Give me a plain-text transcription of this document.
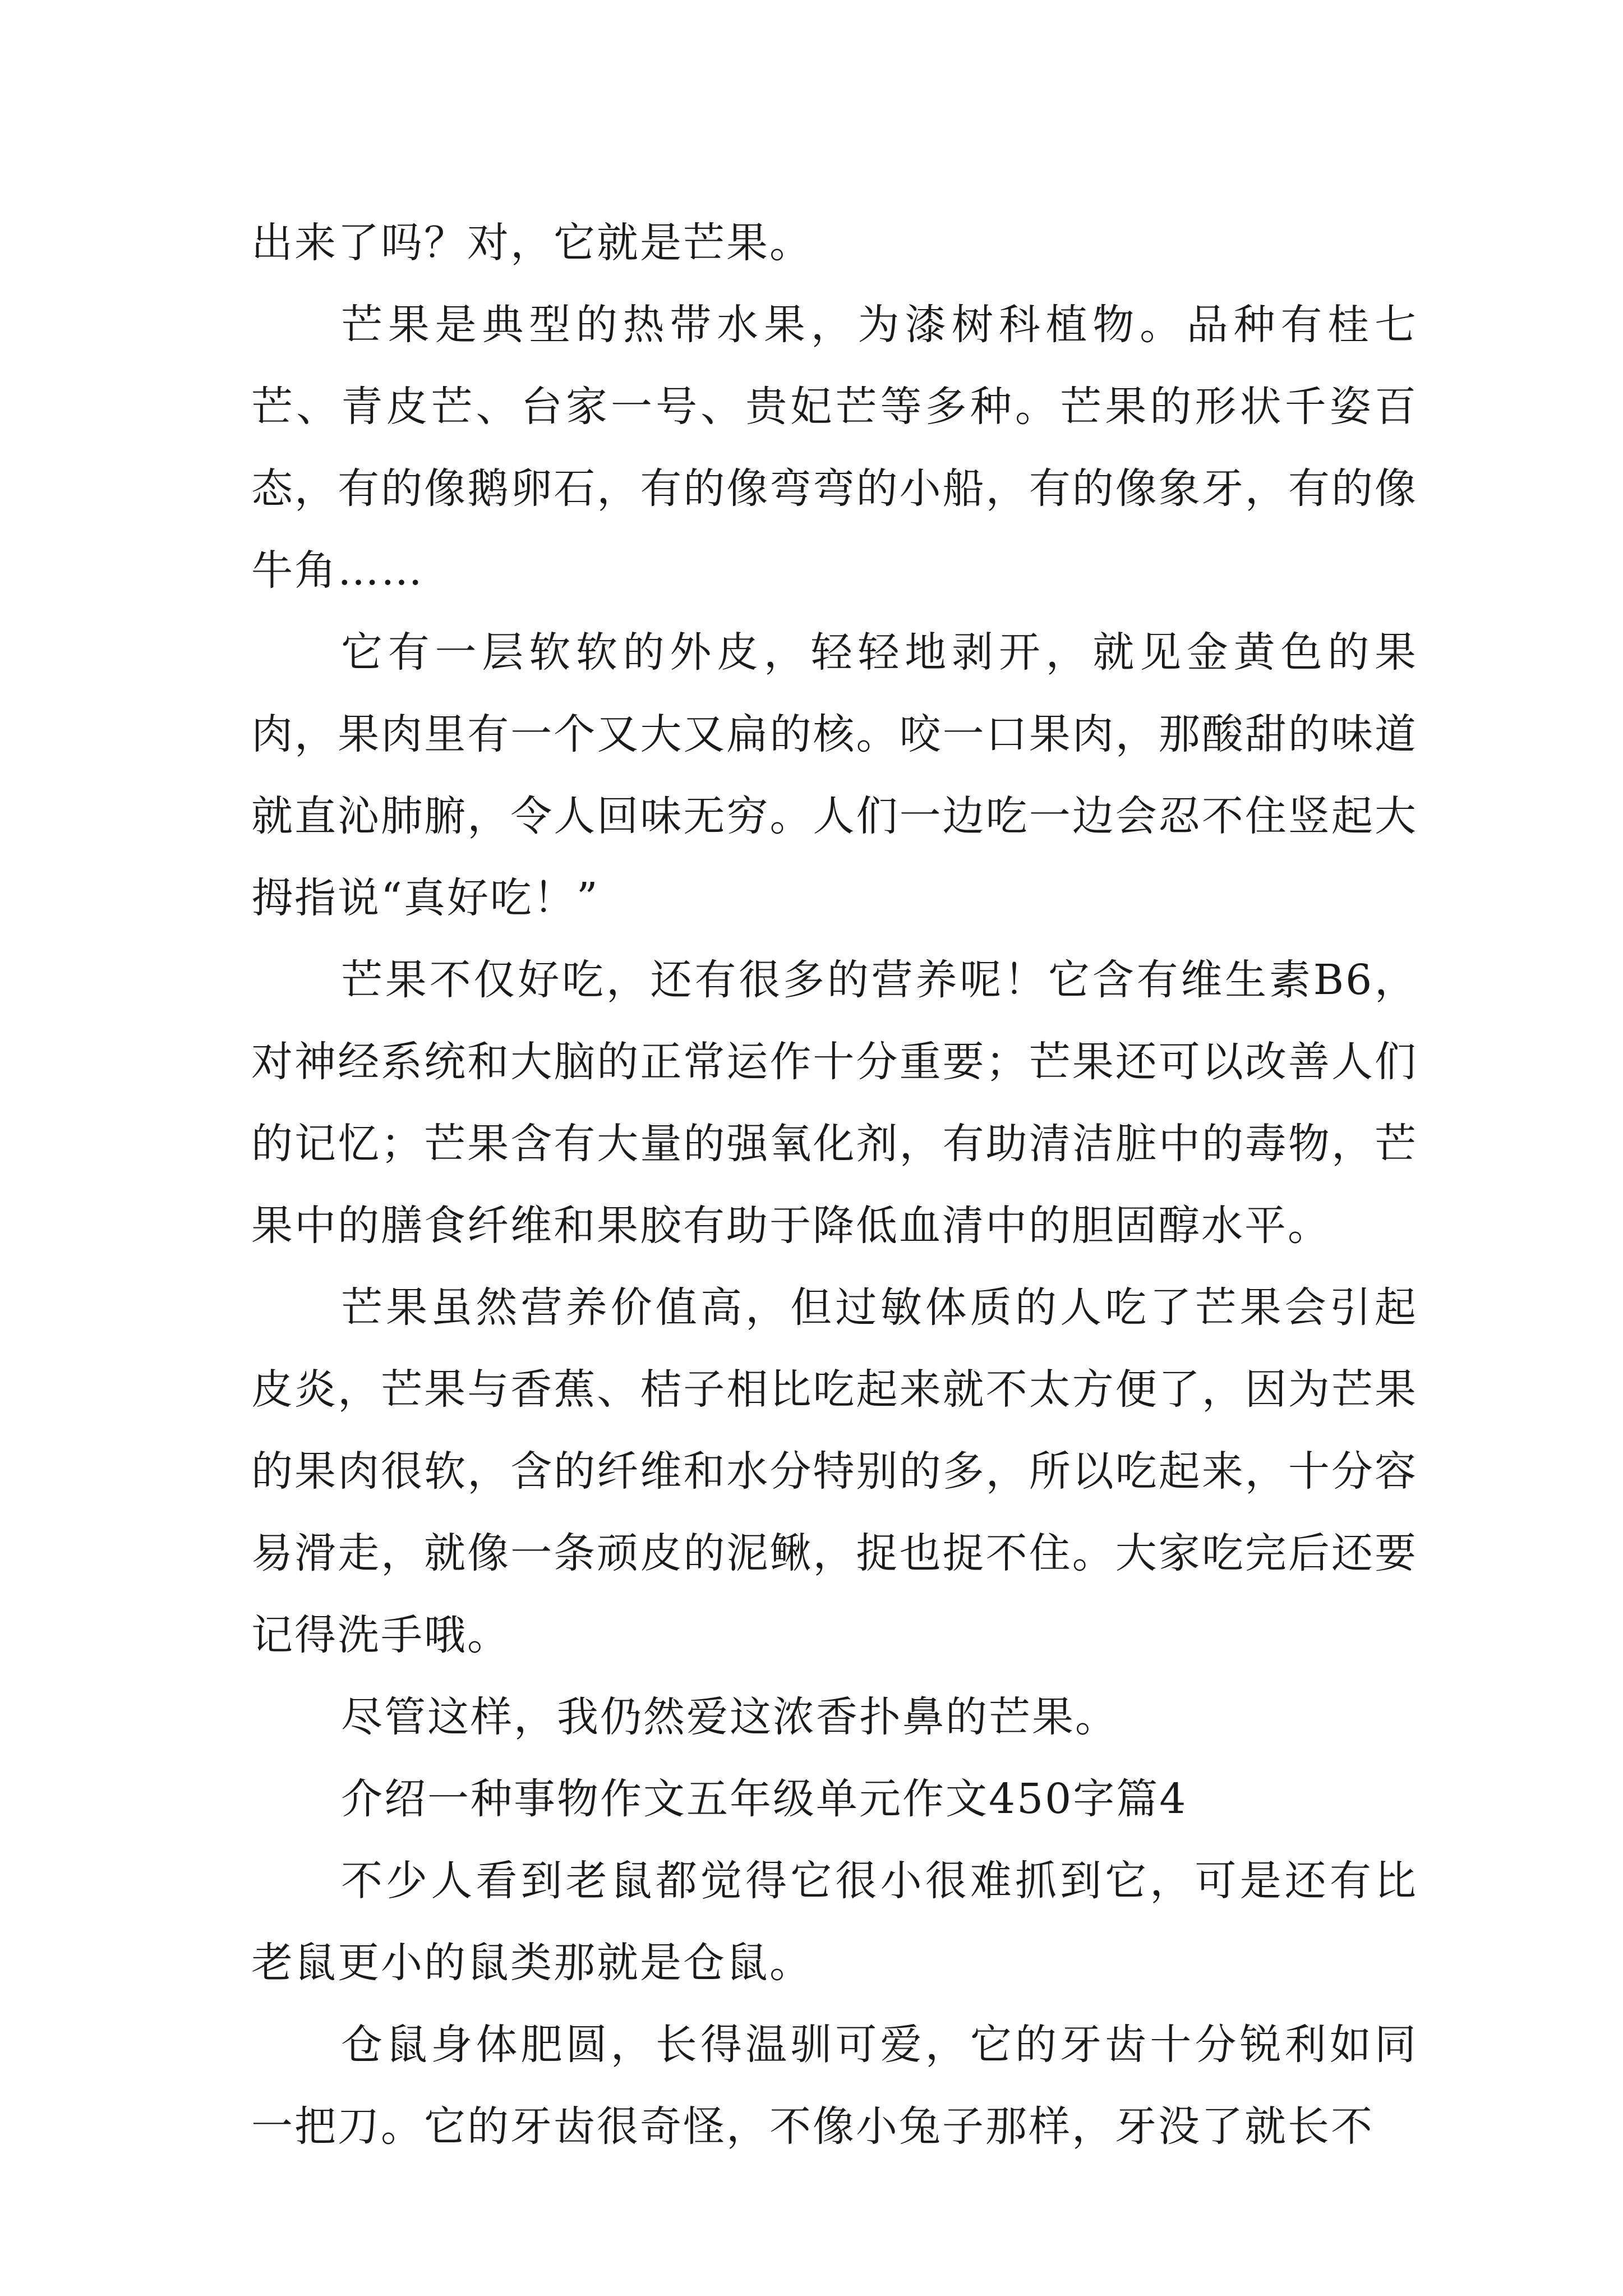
出来了吗？对，它就是芒果。

芒果是典型的热带水果，为漆树科植物。品种有桂七芒、青皮芒、台家一号、贵妃芒等多种。芒果的形状千姿百态，有的像鹅卵石，有的像弯弯的小船，有的像象牙，有的像牛角……

它有一层软软的外皮，轻轻地剥开，就见金黄色的果肉，果肉里有一个又大又扁的核。咬一口果肉，那酸甜的味道就直沁肺腑，令人回味无穷。人们一边吃一边会忍不住竖起大拇指说“真好吃！”

芒果不仅好吃，还有很多的营养呢！它含有维生素B6，对神经系统和大脑的正常运作十分重要；芒果还可以改善人们的记忆；芒果含有大量的强氧化剂，有助清洁脏中的毒物，芒果中的膳食纤维和果胶有助于降低血清中的胆固醇水平。

芒果虽然营养价值高，但过敏体质的人吃了芒果会引起皮炎，芒果与香蕉、桔子相比吃起来就不太方便了，因为芒果的果肉很软，含的纤维和水分特别的多，所以吃起来，十分容易滑走，就像一条顽皮的泥鳅，捉也捉不住。大家吃完后还要记得洗手哦。

尽管这样，我仍然爱这浓香扑鼻的芒果。

介绍一种事物作文五年级单元作文450字篇4

不少人看到老鼠都觉得它很小很难抓到它，可是还有比老鼠更小的鼠类那就是仓鼠。

仓鼠身体肥圆，长得温驯可爱，它的牙齿十分锐利如同一把刀。它的牙齿很奇怪，不像小兔子那样，牙没了就长不
